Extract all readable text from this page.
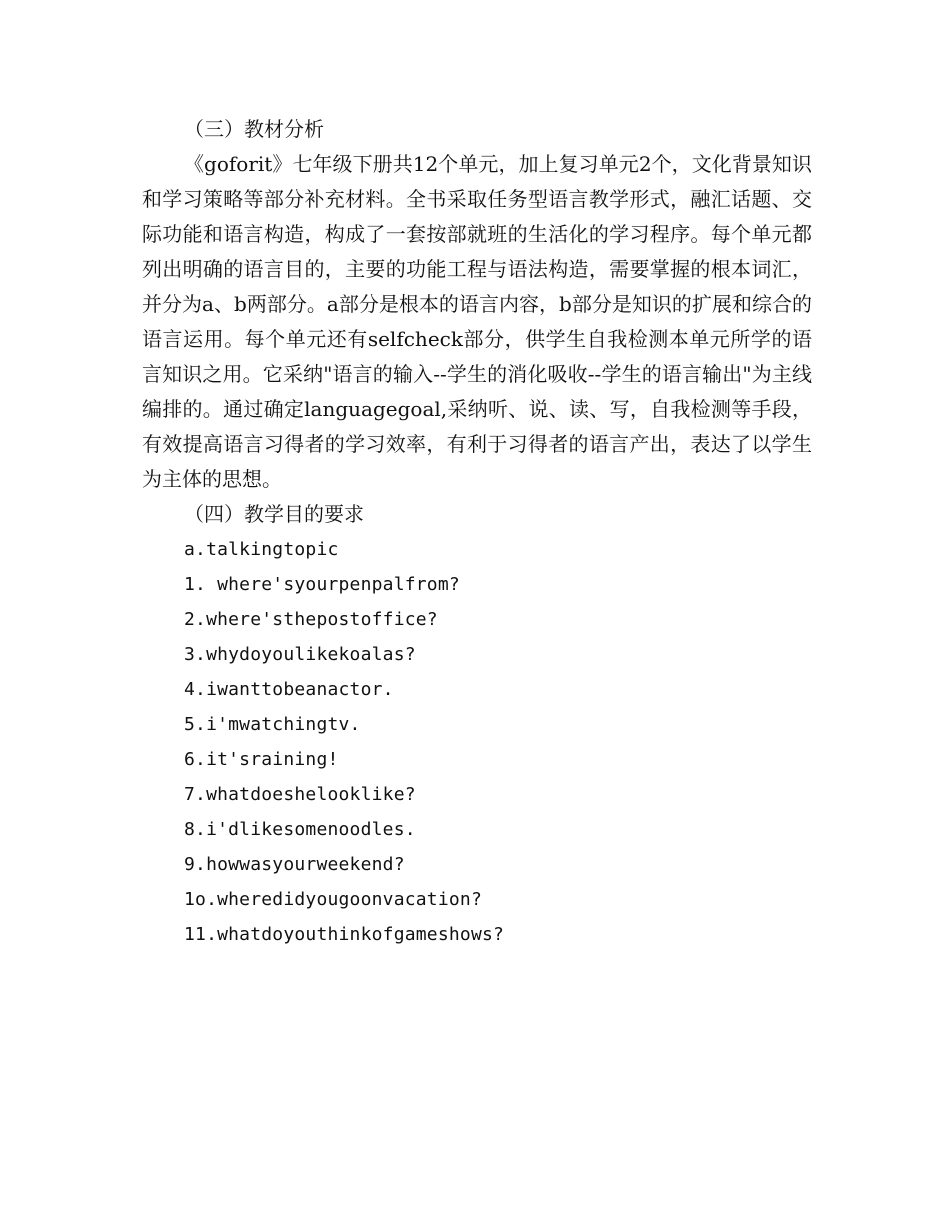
（三）教材分析

《goforit》七年级下册共12个单元，加上复习单元2个，文化背景知识和学习策略等部分补充材料。全书采取任务型语言教学形式，融汇话题、交际功能和语言构造，构成了一套按部就班的生活化的学习程序。每个单元都列出明确的语言目的，主要的功能工程与语法构造，需要掌握的根本词汇，并分为a、b两部分。a部分是根本的语言内容，b部分是知识的扩展和综合的语言运用。每个单元还有selfcheck部分，供学生自我检测本单元所学的语言知识之用。它采纳"语言的输入--学生的消化吸收--学生的语言输出"为主线编排的。通过确定languagegoal,采纳听、说、读、写，自我检测等手段，有效提高语言习得者的学习效率，有利于习得者的语言产出，表达了以学生为主体的思想。

（四）教学目的要求
a.talkingtopic
1. where'syourpenpalfrom?
2.where'sthepostoffice?
3.whydoyoulikekoalas?
4.iwanttobeanactor.
5.i'mwatchingtv.
6.it'sraining!
7.whatdoeshelooklike?
8.i'dlikesomenoodles.
9.howwasyourweekend?
1o.wheredidyougoonvacation?
11.whatdoyouthinkofgameshows?
